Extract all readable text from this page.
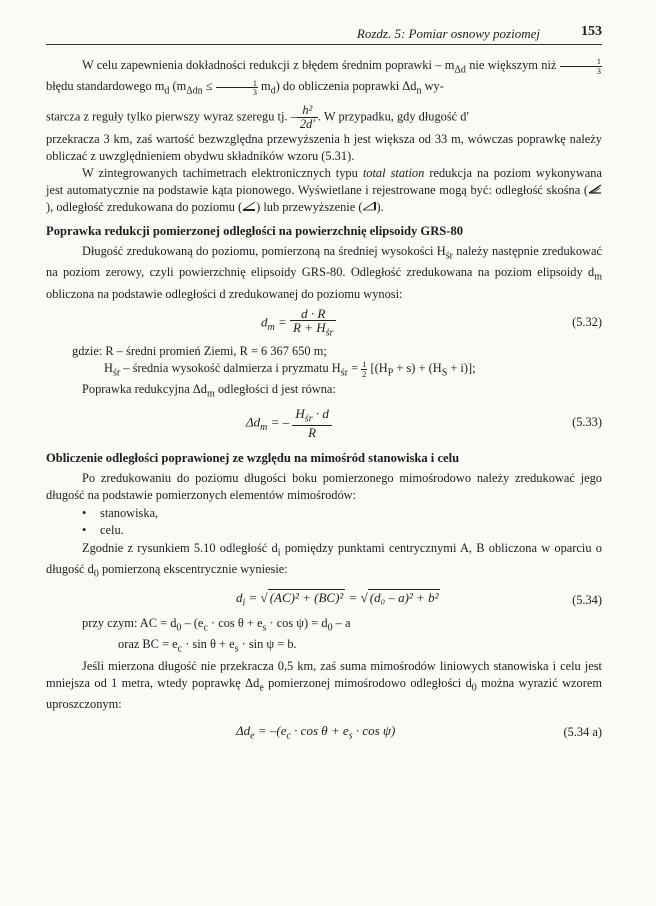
Rozdz. 5: Pomiar osnowy poziomej	153

W celu zapewnienia dokładności redukcji z błędem średnim poprawki – $m_{\Delta d}$ nie większym niż $\frac{1}{3}$
błędu standardowego $m_d$ $(m_{\Delta dn} \le \frac{1}{3} m_d)$ do obliczenia poprawki $\Delta d_n$ wy-

starcza z reguły tylko pierwszy wyraz szeregu tj. – $\frac{\text{h²}}{2d'}$ . W przypadku, gdy długość d′

przekracza 3 km, zaś wartość bezwzględna przewyższenia h jest większa od 33 m, wówczas poprawkę należy obliczać z uwzględnieniem obydwu składników wzoru (5.31).

W zintegrowanych tachimetrach elektronicznych typu total station redukcja na poziom wykonywana jest automatycznie na podstawie kąta pionowego. Wyświetlane i rejestrowane mogą być: odległość skośna (), odległość zredukowana do poziomu ( ) lub przewyższenie ( ).

Poprawka redukcji pomierzonej odległości na powierzchnię elipsoidy GRS-80

Długość zredukowaną do poziomu, pomierzoną na średniej wysokości $H_{śr}$ należy następnie zredukować na poziom zerowy, czyli powierzchnię elipsoidy GRS-80. Odległość zredukowana na poziom elipsoidy $d_m$ obliczona na podstawie odległości d zredukowanej do poziomu wynosi:

$d_m = \frac{d \cdot R}{R + H_{śr}}$	(5.32)

gdzie: R – średni promień Ziemi, R = 6 367 650 m;

$H_{śr}$ – średnia wysokość dalmierza i pryzmatu $H_{śr} = \frac{1}{2} [(H_P + s) + (H_S + i)]$;

Poprawka redukcyjna $\Delta d_m$ odległości d jest równa:

$\Delta d_m$ = – $\frac{H_{śr} \cdot d}{R}$	(5.33)
Obliczenie odległości poprawionej ze względu na mimośród stanowiska i celu

Po zredukowaniu do poziomu długości boku pomierzonego mimośrodowo należy zredukować jego długość na podstawie pomierzonych elementów mimośrodów:

• stanowiska,
• celu.

Zgodnie z rysunkiem 5.10 odległość $d_i$ pomiędzy punktami centrycznymi A, B obliczona w oparciu o długość $d_0$ pomierzoną ekscentrycznie wyniesie:

$d_i$ = √ (AC)² + (BC)² = √ (d₀ – a)² + b²	(5.34)

przy czym: AC = $d_0 - (e_c \cdot \cos \theta + e_s \cdot \cos \psi) = d_0 - a$

oraz BC = $e_c \cdot \sin \theta + e_s \cdot \sin \psi = b$.

Jeśli mierzona długość nie przekracza 0,5 km, zaś suma mimośrodów liniowych stanowiska i celu jest mniejsza od 1 metra, wtedy poprawkę $\Delta d_e$ pomierzonej mimośrodowo odległości $d_0$ można wyrazić wzorem uproszczonym:

$\Delta d_e = -(e_c \cdot \cos \theta + e_s \cdot \cos \psi)$	(5.34 a)
